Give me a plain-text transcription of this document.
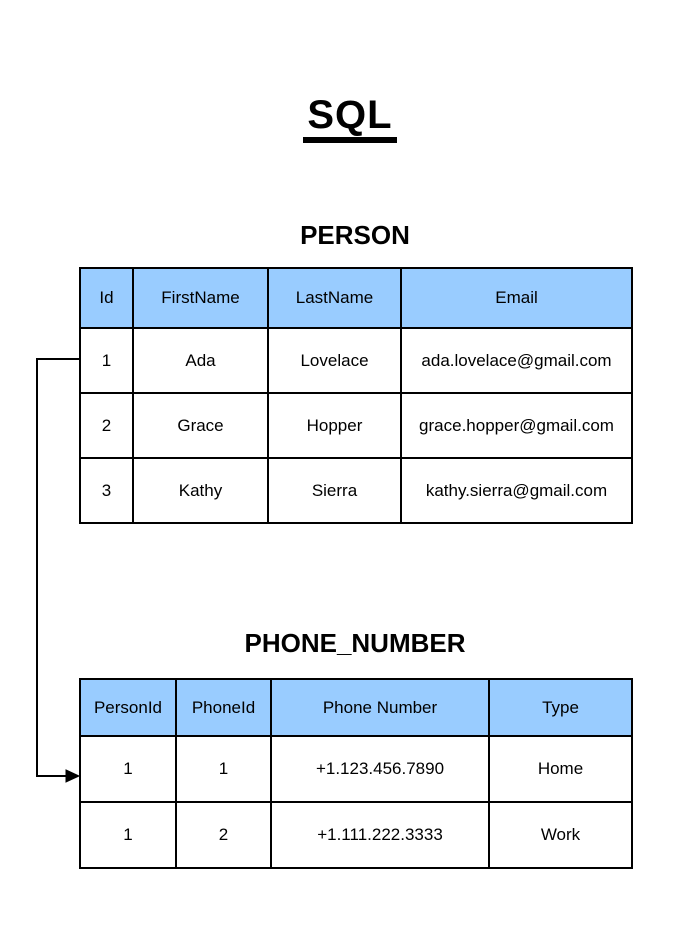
SQL
PERSON
Id	FirstName	LastName	Email
1	Ada	Lovelace	ada.lovelace@gmail.com
2	Grace	Hopper	grace.hopper@gmail.com
3	Kathy	Sierra	kathy.sierra@gmail.com
PHONE_NUMBER
PersonId	PhoneId	Phone Number	Type
1	1	+1.123.456.7890	Home
1	2	+1.111.222.3333	Work
